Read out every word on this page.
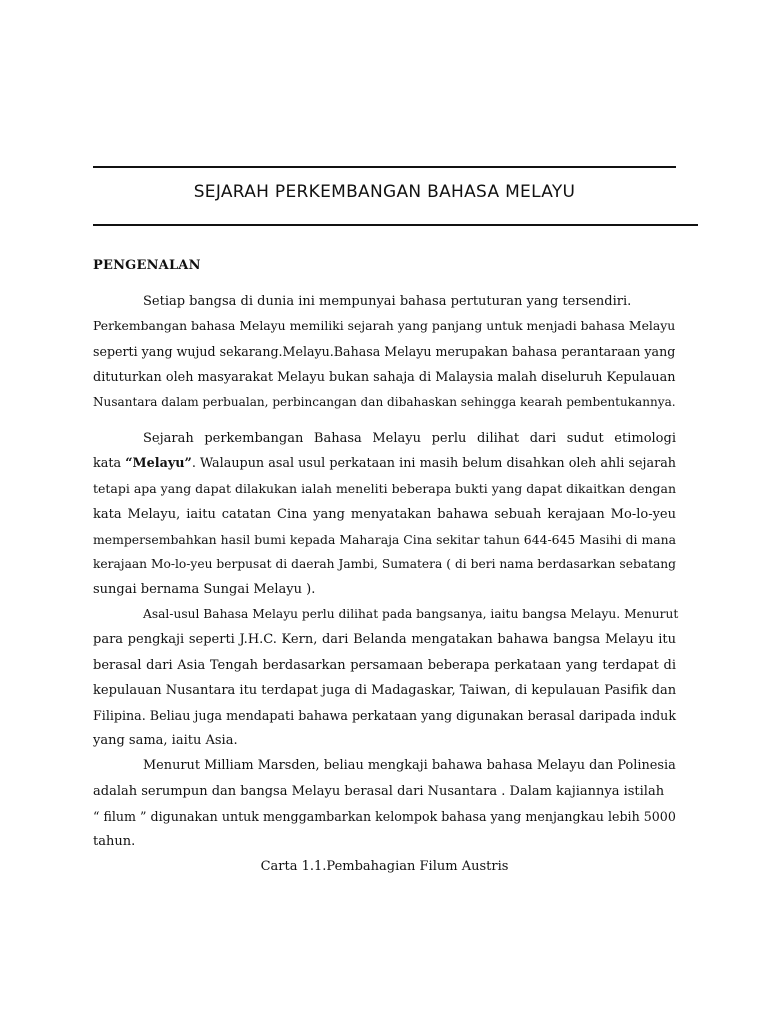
SEJARAH PERKEMBANGAN BAHASA MELAYU
PENGENALAN
Setiap bangsa di dunia ini mempunyai bahasa pertuturan yang tersendiri.
Perkembangan bahasa Melayu memiliki sejarah yang panjang untuk menjadi bahasa Melayu
seperti yang wujud sekarang.Melayu.Bahasa Melayu merupakan bahasa perantaraan yang
dituturkan oleh masyarakat Melayu bukan sahaja di Malaysia malah diseluruh Kepulauan
Nusantara dalam perbualan, perbincangan dan dibahaskan sehingga kearah pembentukannya.
Sejarah perkembangan Bahasa Melayu perlu dilihat dari sudut etimologi
kata “Melayu”. Walaupun asal usul perkataan ini masih belum disahkan oleh ahli sejarah
tetapi apa yang dapat dilakukan ialah meneliti beberapa bukti yang dapat dikaitkan dengan
kata Melayu, iaitu catatan Cina yang menyatakan bahawa sebuah kerajaan Mo-lo-yeu
mempersembahkan hasil bumi kepada Maharaja Cina sekitar tahun 644-645 Masihi di mana
kerajaan Mo-lo-yeu berpusat di daerah Jambi, Sumatera ( di beri nama berdasarkan sebatang
sungai bernama Sungai Melayu ).
Asal-usul Bahasa Melayu perlu dilihat pada bangsanya, iaitu bangsa Melayu. Menurut
para pengkaji seperti J.H.C. Kern, dari Belanda mengatakan bahawa bangsa Melayu itu
berasal dari Asia Tengah berdasarkan persamaan beberapa perkataan yang terdapat di
kepulauan Nusantara itu terdapat juga di Madagaskar, Taiwan, di kepulauan Pasifik dan
Filipina. Beliau juga mendapati bahawa perkataan yang digunakan berasal daripada induk
yang sama, iaitu Asia.
Menurut Milliam Marsden, beliau mengkaji bahawa bahasa Melayu dan Polinesia
adalah serumpun dan bangsa Melayu berasal dari Nusantara . Dalam kajiannya istilah
“ filum ” digunakan untuk menggambarkan kelompok bahasa yang menjangkau lebih 5000
tahun.
Carta 1.1.Pembahagian Filum Austris
